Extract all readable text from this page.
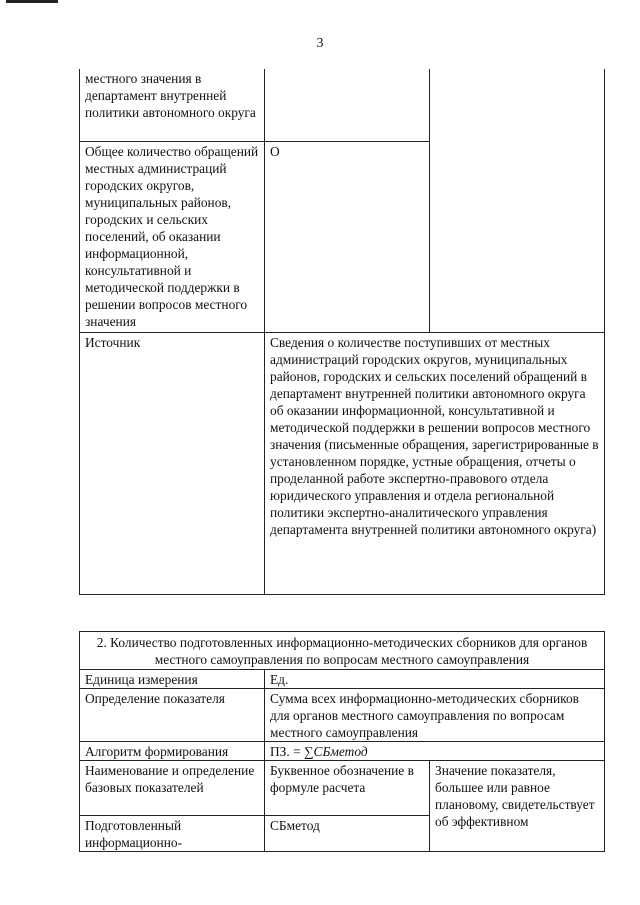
3
местного значения в департамент внутренней политики автономного округа		
Общее количество обращений местных администраций городских округов, муниципальных районов, городских и сельских поселений, об оказании информационной, консультативной и методической поддержки в решении вопросов местного значения	О	
Источник	Сведения о количестве поступивших от местных администраций городских округов, муниципальных районов, городских и сельских поселений обращений в департамент внутренней политики автономного округа об оказании информационной, консультативной и методической поддержки в решении вопросов местного значения (письменные обращения, зарегистрированные в установленном порядке, устные обращения, отчеты о проделанной работе экспертно-правового отдела юридического управления и отдела региональной политики экспертно-аналитического управления департамента внутренней политики автономного округа)	
2. Количество подготовленных информационно-методических сборников для органов местного самоуправления по вопросам местного самоуправления		
Единица измерения	Ед.	
Определение показателя	Сумма всех информационно-методических сборников для органов местного самоуправления по вопросам местного самоуправления	
Алгоритм формирования	ПЗ. = ∑СБметод	
Наименование и определение базовых показателей	Буквенное обозначение в формуле расчета	Значение показателя, большее или равное плановому, свидетельствует об эффективном
Подготовленный информационно-	СБметод	
